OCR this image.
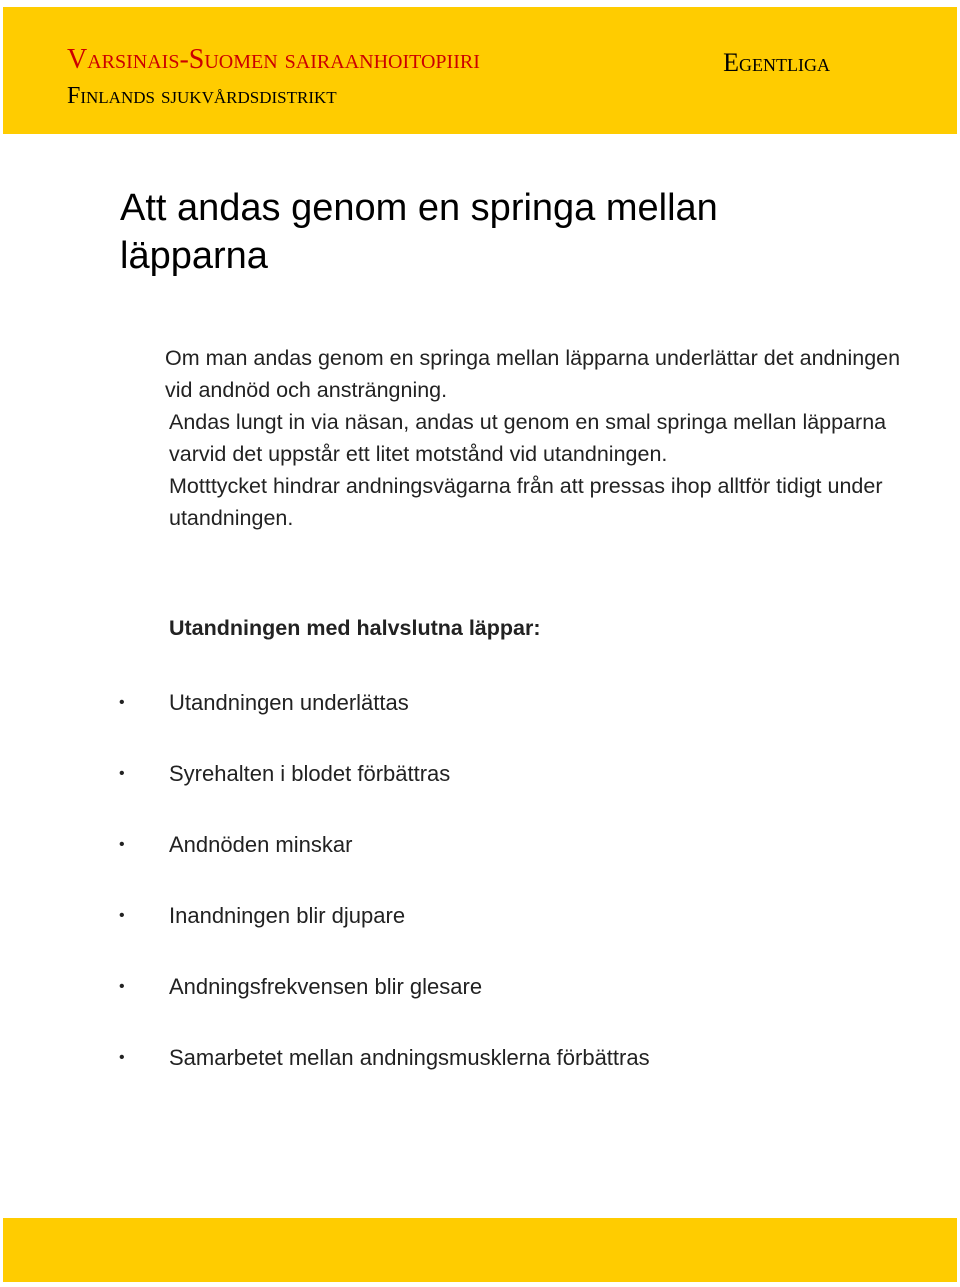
Varsinais-Suomen sairaanhoitopiiri
Finlands sjukvårdsdistrikt
Egentliga
Att andas genom en springa mellan läpparna

Om man andas genom en springa mellan läpparna underlättar det andningen vid andnöd och ansträngning.

Andas lungt in via näsan, andas ut genom en smal springa mellan läpparna varvid det uppstår ett litet motstånd vid utandningen.

Motttycket hindrar andningsvägarna från att pressas ihop alltför tidigt under utandningen.

Utandningen med halvslutna läppar:
• Utandningen underlättas
• Syrehalten i blodet förbättras
• Andnöden minskar
• Inandningen blir djupare
• Andningsfrekvensen blir glesare
• Samarbetet mellan andningsmusklerna förbättras
